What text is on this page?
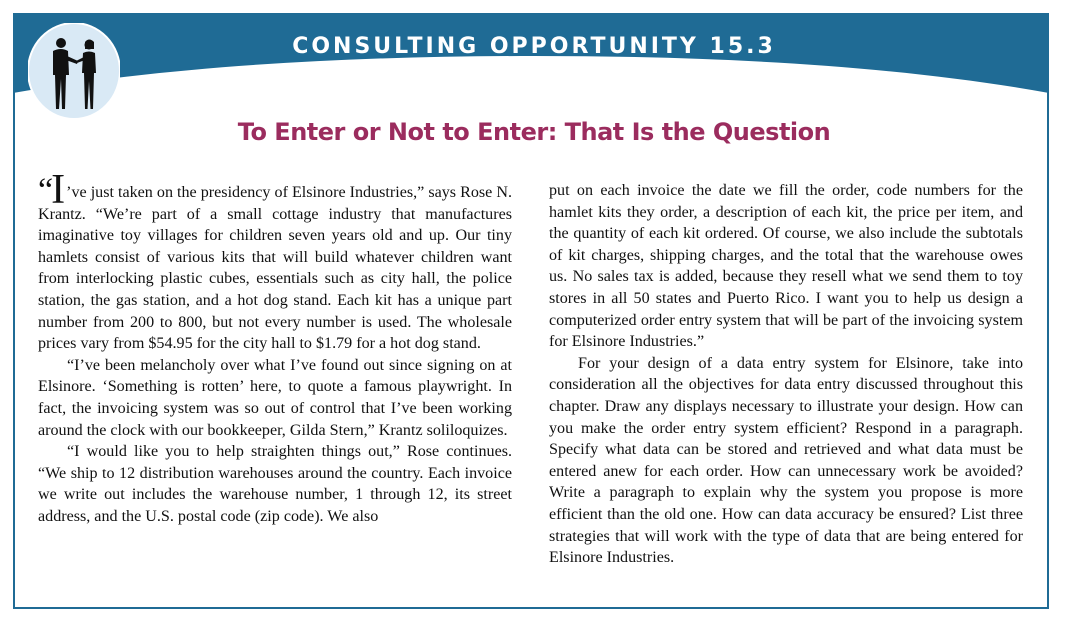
CONSULTING OPPORTUNITY 15.3
To Enter or Not to Enter: That Is the Question

“I’ve just taken on the presidency of Elsinore Industries,” says Rose N. Krantz. “We’re part of a small cottage industry that manufactures imaginative toy villages for children seven years old and up. Our tiny hamlets consist of various kits that will build whatever children want from interlocking plastic cubes, essentials such as city hall, the police station, the gas station, and a hot dog stand. Each kit has a unique part number from 200 to 800, but not every number is used. The wholesale prices vary from $54.95 for the city hall to $1.79 for a hot dog stand.

“I’ve been melancholy over what I’ve found out since signing on at Elsinore. ‘Something is rotten’ here, to quote a famous playwright. In fact, the invoicing system was so out of control that I’ve been working around the clock with our bookkeeper, Gilda Stern,” Krantz soliloquizes.

“I would like you to help straighten things out,” Rose continues. “We ship to 12 distribution warehouses around the country. Each invoice we write out includes the warehouse number, 1 through 12, its street address, and the U.S. postal code (zip code). We also

put on each invoice the date we fill the order, code numbers for the hamlet kits they order, a description of each kit, the price per item, and the quantity of each kit ordered. Of course, we also include the subtotals of kit charges, shipping charges, and the total that the warehouse owes us. No sales tax is added, because they resell what we send them to toy stores in all 50 states and Puerto Rico. I want you to help us design a computerized order entry system that will be part of the invoicing system for Elsinore Industries.”

For your design of a data entry system for Elsinore, take into consideration all the objectives for data entry discussed throughout this chapter. Draw any displays necessary to illustrate your design. How can you make the order entry system efficient? Respond in a paragraph. Specify what data can be stored and retrieved and what data must be entered anew for each order. How can unnecessary work be avoided? Write a paragraph to explain why the system you propose is more efficient than the old one. How can data accuracy be ensured? List three strategies that will work with the type of data that are being entered for Elsinore Industries.
